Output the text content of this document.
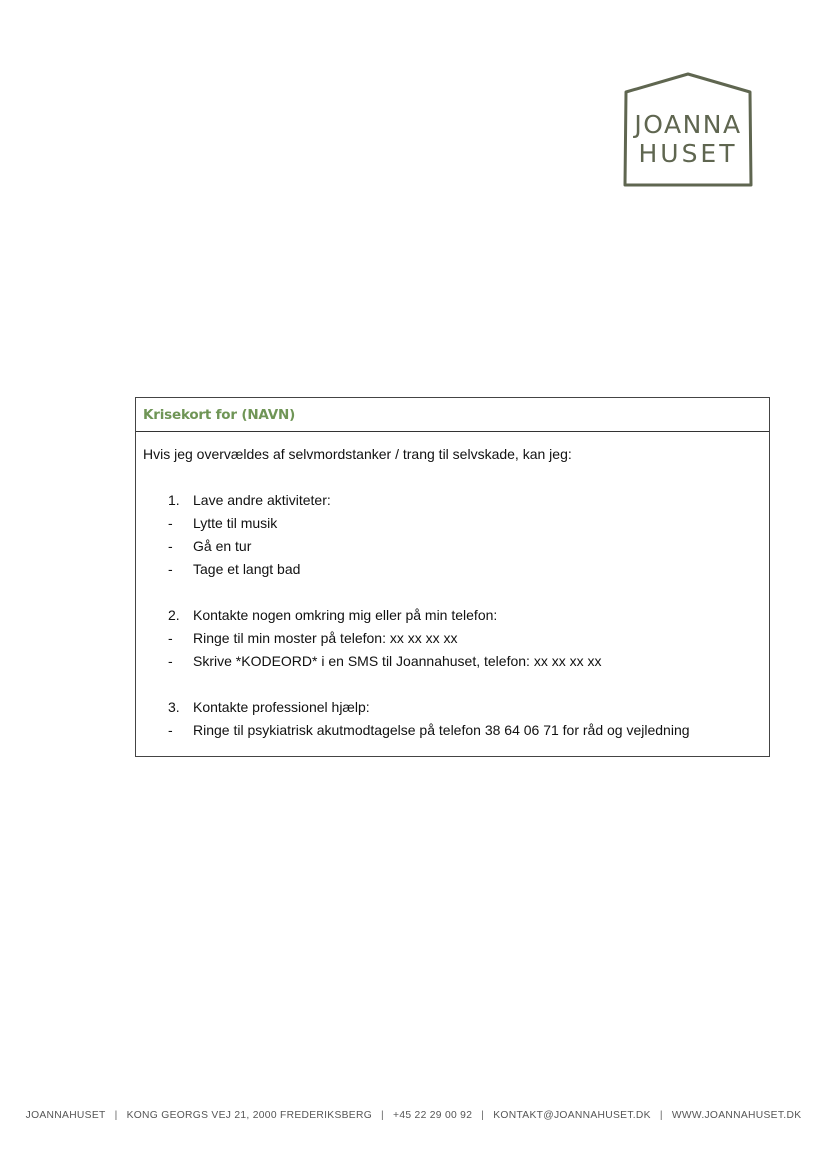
JOANNA
HUSET
Krisekort for (NAVN)

Hvis jeg overvældes af selvmordstanker / trang til selvskade, kan jeg:

1. Lave andre aktiviteter:
-	Lytte til musik
-	Gå en tur
-	Tage et langt bad
2. Kontakte nogen omkring mig eller på min telefon:
-	Ringe til min moster på telefon: xx xx xx xx
-	Skrive *KODEORD* i en SMS til Joannahuset, telefon: xx xx xx xx
3. Kontakte professionel hjælp:
-	Ringe til psykiatrisk akutmodtagelse på telefon 38 64 06 71 for råd og vejledning
JOANNAHUSET | KONG GEORGS VEJ 21, 2000 FREDERIKSBERG | +45 22 29 00 92 | KONTAKT@JOANNAHUSET.DK | WWW.JOANNAHUSET.DK
